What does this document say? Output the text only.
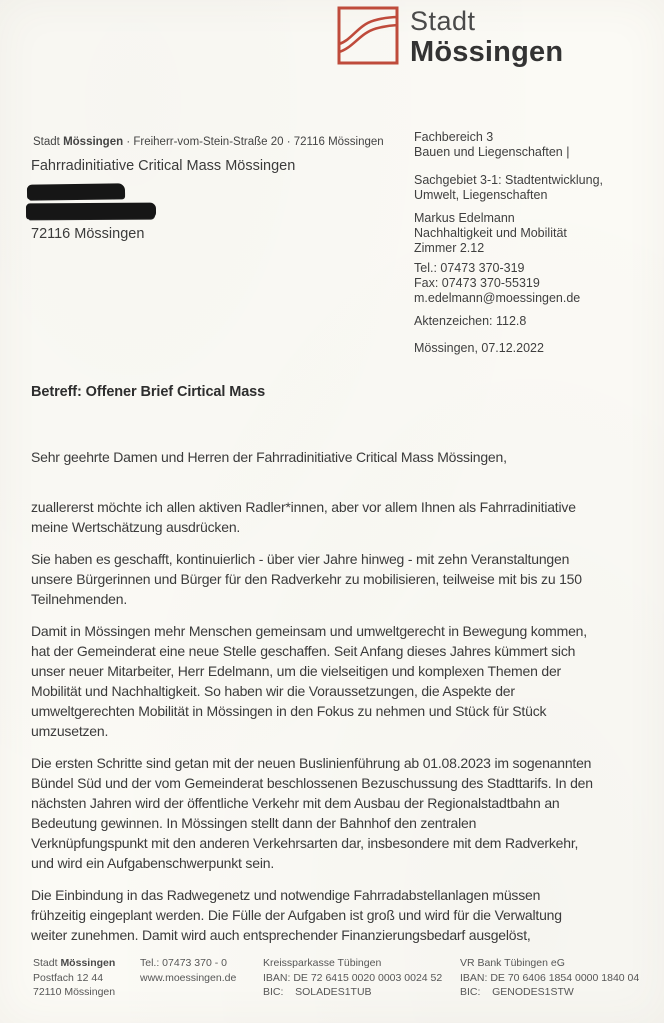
Stadt
Mössingen
Stadt Mössingen · Freiherr-vom-Stein-Straße 20 · 72116 Mössingen
Fahrradinitiative Critical Mass Mössingen
72116 Mössingen
Fachbereich 3
Bauen und Liegenschaften |
Sachgebiet 3-1: Stadtentwicklung,
Umwelt, Liegenschaften
Markus Edelmann
Nachhaltigkeit und Mobilität
Zimmer 2.12
Tel.: 07473 370-319
Fax: 07473 370-55319
m.edelmann@moessingen.de
Aktenzeichen: 112.8
Mössingen, 07.12.2022
Betreff: Offener Brief Cirtical Mass

Sehr geehrte Damen und Herren der Fahrradinitiative Critical Mass Mössingen,

zuallererst möchte ich allen aktiven Radler*innen, aber vor allem Ihnen als Fahrradinitiative
meine Wertschätzung ausdrücken.

Sie haben es geschafft, kontinuierlich - über vier Jahre hinweg - mit zehn Veranstaltungen
unsere Bürgerinnen und Bürger für den Radverkehr zu mobilisieren, teilweise mit bis zu 150
Teilnehmenden.

Damit in Mössingen mehr Menschen gemeinsam und umweltgerecht in Bewegung kommen,
hat der Gemeinderat eine neue Stelle geschaffen. Seit Anfang dieses Jahres kümmert sich
unser neuer Mitarbeiter, Herr Edelmann, um die vielseitigen und komplexen Themen der
Mobilität und Nachhaltigkeit. So haben wir die Voraussetzungen, die Aspekte der
umweltgerechten Mobilität in Mössingen in den Fokus zu nehmen und Stück für Stück
umzusetzen.

Die ersten Schritte sind getan mit der neuen Buslinienführung ab 01.08.2023 im sogenannten
Bündel Süd und der vom Gemeinderat beschlossenen Bezuschussung des Stadttarifs. In den
nächsten Jahren wird der öffentliche Verkehr mit dem Ausbau der Regionalstadtbahn an
Bedeutung gewinnen. In Mössingen stellt dann der Bahnhof den zentralen
Verknüpfungspunkt mit den anderen Verkehrsarten dar, insbesondere mit dem Radverkehr,
und wird ein Aufgabenschwerpunkt sein.

Die Einbindung in das Radwegenetz und notwendige Fahrradabstellanlagen müssen
frühzeitig eingeplant werden. Die Fülle der Aufgaben ist groß und wird für die Verwaltung
weiter zunehmen. Damit wird auch entsprechender Finanzierungsbedarf ausgelöst,

Stadt Mössingen
Postfach 12 44
72110 Mössingen
Tel.: 07473 370 - 0
www.moessingen.de
Kreissparkasse Tübingen
IBAN: DE 72 6415 0020 0003 0024 52
BIC:    SOLADES1TUB
VR Bank Tübingen eG
IBAN: DE 70 6406 1854 0000 1840 04
BIC:    GENODES1STW
